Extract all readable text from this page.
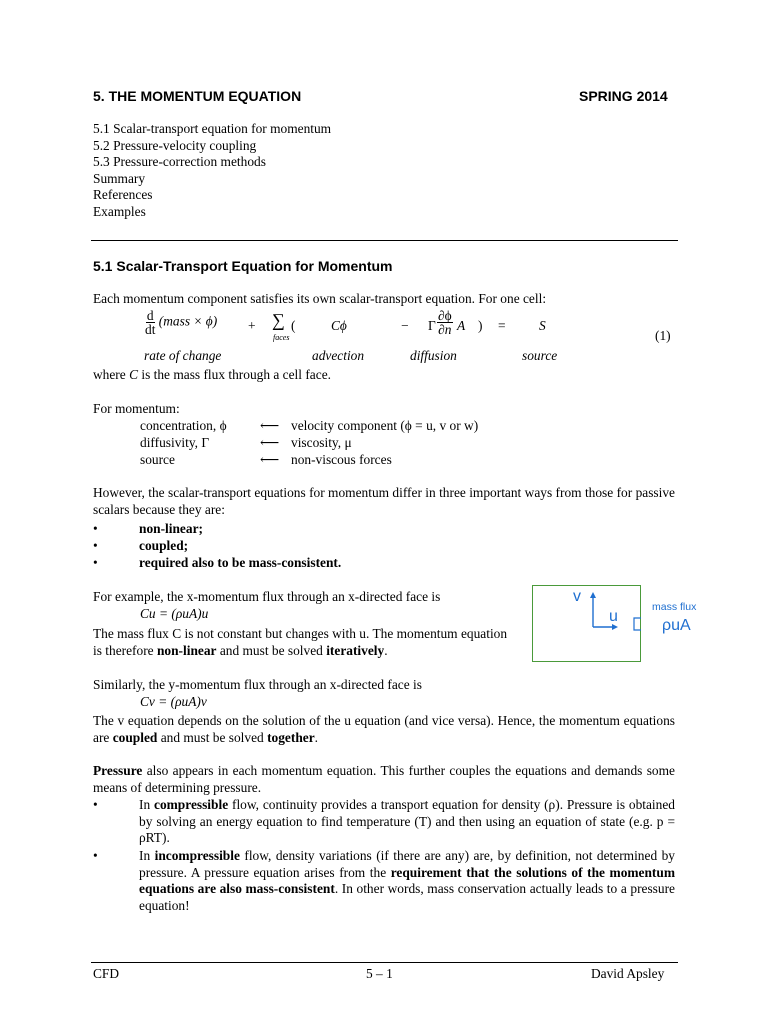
5. THE MOMENTUM EQUATION	SPRING 2014
5.1 Scalar-transport equation for momentum
5.2 Pressure-velocity coupling
5.3 Pressure-correction methods
Summary
References
Examples
5.1 Scalar-Transport Equation for Momentum
Each momentum component satisfies its own scalar-transport equation. For one cell:
$\frac{d}{dt}$ (mass × ϕ) + ∑
faces
(	Cϕ	− Γ $\frac{\partial\phi}{\partial n}$ A ) = S
(1)
rate of change	advection	diffusion	source
where C is the mass flux through a cell face.
For momentum:
concentration, ϕ ⟵ velocity component (ϕ = u, v or w)
diffusivity, Γ	⟵ viscosity, μ
source	⟵ non-viscous forces
However, the scalar-transport equations for momentum differ in three important ways from those for passive scalars because they are:
•	non-linear;
•	coupled;
•	required also to be mass-consistent.
For example, the x-momentum flux through an x-directed face is
Cu = (ρuA)u
The mass flux C is not constant but changes with u. The momentum equation is therefore non-linear and must be solved iteratively.
v
u
mass flux
ρuA
Similarly, the y-momentum flux through an x-directed face is
Cv = (ρuA)v
The v equation depends on the solution of the u equation (and vice versa). Hence, the momentum equations are coupled and must be solved together.
Pressure also appears in each momentum equation. This further couples the equations and demands some means of determining pressure.
•	In compressible flow, continuity provides a transport equation for density (ρ). Pressure is obtained by solving an energy equation to find temperature (T) and then using an equation of state (e.g. p = ρRT).
•	In incompressible flow, density variations (if there are any) are, by definition, not determined by pressure. A pressure equation arises from the requirement that the solutions of the momentum equations are also mass-consistent. In other words, mass conservation actually leads to a pressure equation!
CFD	5 – 1	David Apsley
